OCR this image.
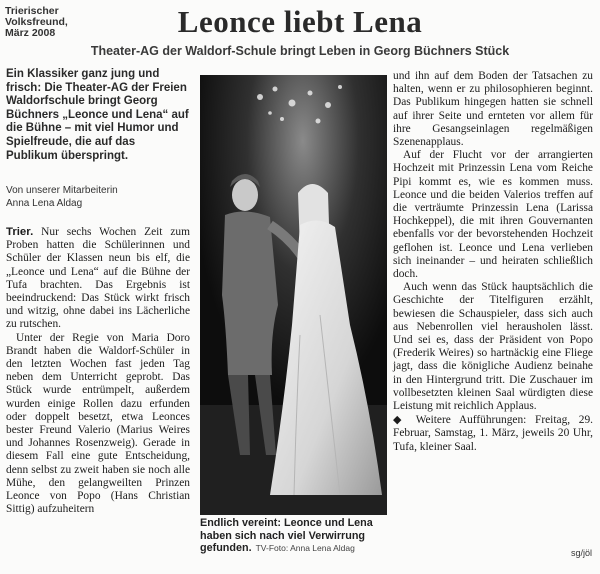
Trierischer
Volksfreund,
März 2008	Leonce liebt Lena
Theater-AG der Waldorf-Schule bringt Leben in Georg Büchners Stück
Ein Klassiker ganz jung und frisch: Die Theater-AG der Freien Waldorfschule bringt Georg Büchners „Leonce und Lena“ auf die Bühne – mit viel Humor und Spielfreude, die auf das Publikum überspringt.
Von unserer Mitarbeiterin
Anna Lena Aldag

Trier. Nur sechs Wochen Zeit zum Proben hatten die Schülerinnen und Schüler der Klassen neun bis elf, die „Leonce und Lena“ auf die Bühne der Tufa brachten. Das Ergebnis ist beeindruckend: Das Stück wirkt frisch und witzig, ohne dabei ins Lächerliche zu rutschen.

Unter der Regie von Maria Doro Brandt haben die Waldorf-Schüler in den letzten Wochen fast jeden Tag neben dem Unterricht geprobt. Das Stück wurde entrümpelt, außerdem wurden einige Rollen dazu erfunden oder doppelt besetzt, etwa Leonces bester Freund Valerio (Marius Weires und Johannes Rosenzweig). Gerade in diesem Fall eine gute Entscheidung, denn selbst zu zweit haben sie noch alle Mühe, den gelangweilten Prinzen Leonce von Popo (Hans Christian Sittig) aufzuheitern

Endlich vereint: Leonce und Lena haben sich nach viel Verwirrung gefunden. TV-Foto: Anna Lena Aldag

und ihn auf dem Boden der Tatsachen zu halten, wenn er zu philosophieren beginnt. Das Publikum hingegen hatten sie schnell auf ihrer Seite und ernteten vor allem für ihre Gesangseinlagen regelmäßigen Szenenapplaus.

Auf der Flucht vor der arrangierten Hochzeit mit Prinzessin Lena vom Reiche Pipi kommt es, wie es kommen muss. Leonce und die beiden Valerios treffen auf die verträumte Prinzessin Lena (Larissa Hochkeppel), die mit ihren Gouvernanten ebenfalls vor der bevorstehenden Hochzeit geflohen ist. Leonce und Lena verlieben sich ineinander – und heiraten schließlich doch.

Auch wenn das Stück hauptsächlich die Geschichte der Titelfiguren erzählt, bewiesen die Schauspieler, dass sich auch aus Nebenrollen viel herausholen lässt. Und sei es, dass der Präsident von Popo (Frederik Weires) so hartnäckig eine Fliege jagt, dass die königliche Audienz beinahe in den Hintergrund tritt. Die Zuschauer im vollbesetzten kleinen Saal würdigten diese Leistung mit reichlich Applaus.

◆ Weitere Aufführungen: Freitag, 29. Februar, Samstag, 1. März, jeweils 20 Uhr, Tufa, kleiner Saal.

sg/jöl
